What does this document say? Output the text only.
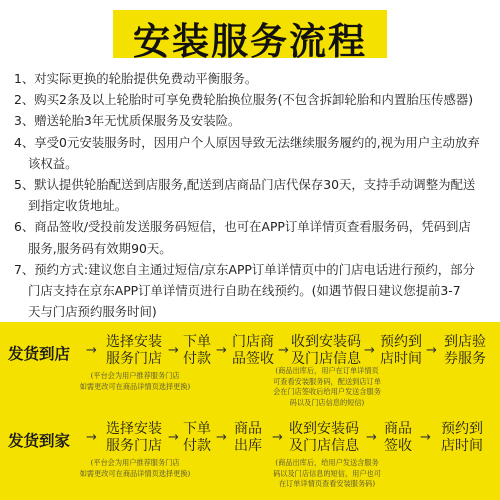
安装服务流程
1、对实际更换的轮胎提供免费动平衡服务。
2、购买2条及以上轮胎时可享免费轮胎换位服务(不包含拆卸轮胎和内置胎压传感器)
3、赠送轮胎3年无忧质保服务及安装险。
4、享受0元安装服务时，因用户个人原因导致无法继续服务履约的,视为用户主动放弃
该权益。
5、默认提供轮胎配送到店服务,配送到店商品门店代保存30天，支持手动调整为配送
到指定收货地址。
6、商品签收/受投前发送服务码短信，也可在APP订单详情页查看服务码，凭码到店
服务,服务码有效期90天。
7、预约方式:建议您自主通过短信/京东APP订单详情页中的门店电话进行预约，部分
门店支持在京东APP订单详情页进行自助在线预约。(如遇节假日建议您提前3-7
天与门店预约服务时间)
发货到店 →
选择安装
服务门店
→
下单
付款
→
门店商
品签收
→
收到安装码
及门店信息
→
预约到
店时间
→
到店验
券服务
(平台会为用户推荐服务门店
如需更改可在商品详情页选择更换)
(商品出库后，用户在订单详情页
可查看安装服务码，配送到店订单
会在门店签收后给用户发送含服务
码以及门店信息的短信)
发货到家 →
选择安装
服务门店
→
下单
付款
→
商品
出库
→
收到安装码
及门店信息
→
商品
签收
→
预约到
店时间
(平台会为用户推荐服务门店
如需更改可在商品详情页选择更换)
(商品出库后，给用户发送含服务
码以及门店信息的短信，用户也可
在订单详情页查看安装服务码)
